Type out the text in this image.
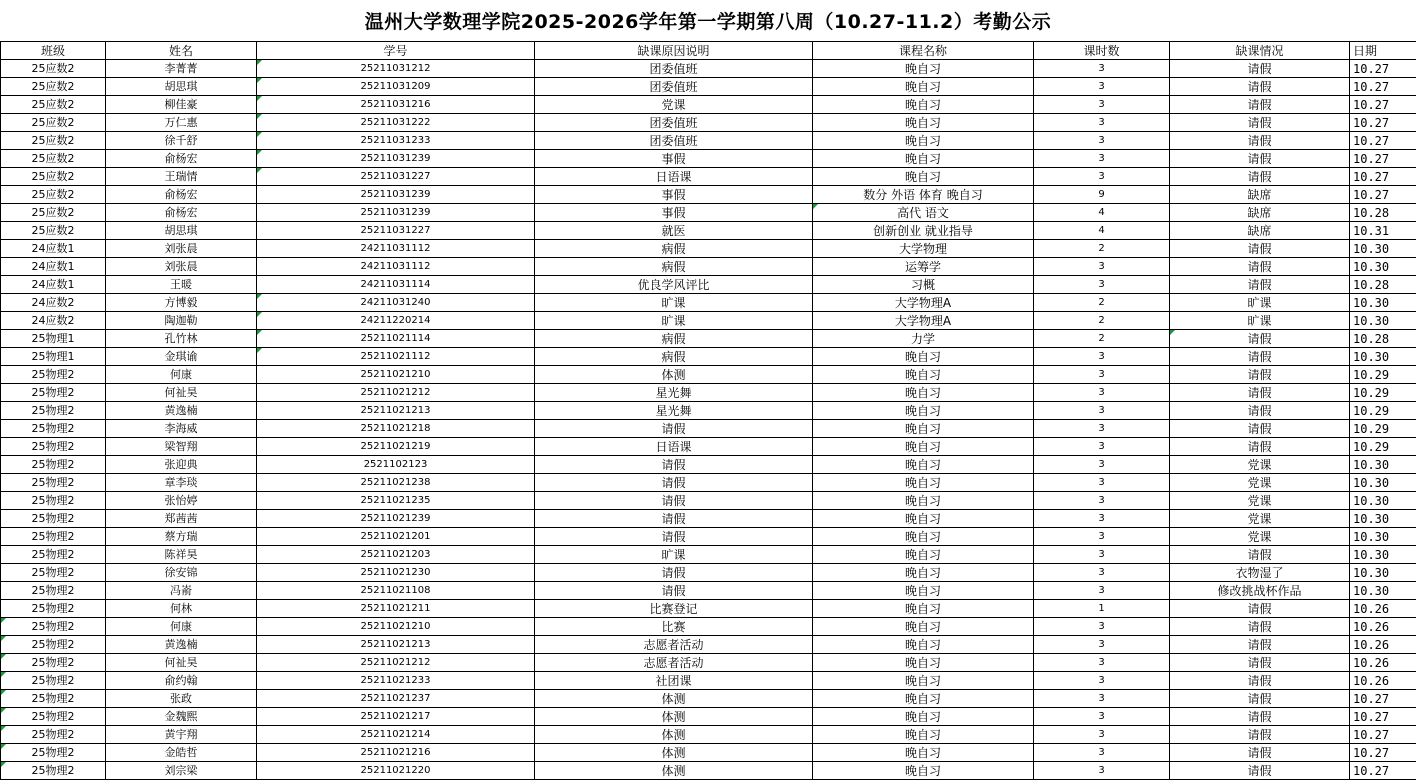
温州大学数理学院2025-2026学年第一学期第八周（10.27-11.2）考勤公示
班级	姓名	学号	缺课原因说明	课程名称	课时数	缺课情况	日期
25应数2	李菁菁	25211031212	团委值班	晚自习	3	请假	10.27
25应数2	胡思琪	25211031209	团委值班	晚自习	3	请假	10.27
25应数2	柳佳豪	25211031216	党课	晚自习	3	请假	10.27
25应数2	万仁惠	25211031222	团委值班	晚自习	3	请假	10.27
25应数2	徐千舒	25211031233	团委值班	晚自习	3	请假	10.27
25应数2	俞杨宏	25211031239	事假	晚自习	3	请假	10.27
25应数2	王瑞情	25211031227	日语课	晚自习	3	请假	10.27
25应数2	俞杨宏	25211031239	事假	数分 外语 体育 晚自习	9	缺席	10.27
25应数2	俞杨宏	25211031239	事假	高代 语文	4	缺席	10.28
25应数2	胡思琪	25211031227	就医	创新创业 就业指导	4	缺席	10.31
24应数1	刘张晨	24211031112	病假	大学物理	2	请假	10.30
24应数1	刘张晨	24211031112	病假	运筹学	3	请假	10.30
24应数1	王暖	24211031114	优良学风评比	习概	3	请假	10.28
24应数2	方博毅	24211031240	旷课	大学物理A	2	旷课	10.30
24应数2	陶迦勒	24211220214	旷课	大学物理A	2	旷课	10.30
25物理1	孔竹林	25211021114	病假	力学	2	请假	10.28
25物理1	金琪谕	25211021112	病假	晚自习	3	请假	10.30
25物理2	何康	25211021210	体测	晚自习	3	请假	10.29
25物理2	何祉昊	25211021212	星光舞	晚自习	3	请假	10.29
25物理2	黄逸楠	25211021213	星光舞	晚自习	3	请假	10.29
25物理2	李海威	25211021218	请假	晚自习	3	请假	10.29
25物理2	梁智翔	25211021219	日语课	晚自习	3	请假	10.29
25物理2	张迎典	2521102123	请假	晚自习	3	党课	10.30
25物理2	章李琰	25211021238	请假	晚自习	3	党课	10.30
25物理2	张怡婷	25211021235	请假	晚自习	3	党课	10.30
25物理2	郑茜茜	25211021239	请假	晚自习	3	党课	10.30
25物理2	蔡方瑞	25211021201	请假	晚自习	3	党课	10.30
25物理2	陈祥昊	25211021203	旷课	晚自习	3	请假	10.30
25物理2	徐安锦	25211021230	请假	晚自习	3	衣物湿了	10.30
25物理2	冯嵛	25211021108	请假	晚自习	3	修改挑战杯作品	10.30
25物理2	何林	25211021211	比赛登记	晚自习	1	请假	10.26
25物理2	何康	25211021210	比赛	晚自习	3	请假	10.26
25物理2	黄逸楠	25211021213	志愿者活动	晚自习	3	请假	10.26
25物理2	何祉昊	25211021212	志愿者活动	晚自习	3	请假	10.26
25物理2	俞约翰	25211021233	社团课	晚自习	3	请假	10.26
25物理2	张政	25211021237	体测	晚自习	3	请假	10.27
25物理2	金魏熙	25211021217	体测	晚自习	3	请假	10.27
25物理2	黄宇翔	25211021214	体测	晚自习	3	请假	10.27
25物理2	金皓哲	25211021216	体测	晚自习	3	请假	10.27
25物理2	刘宗梁	25211021220	体测	晚自习	3	请假	10.27
